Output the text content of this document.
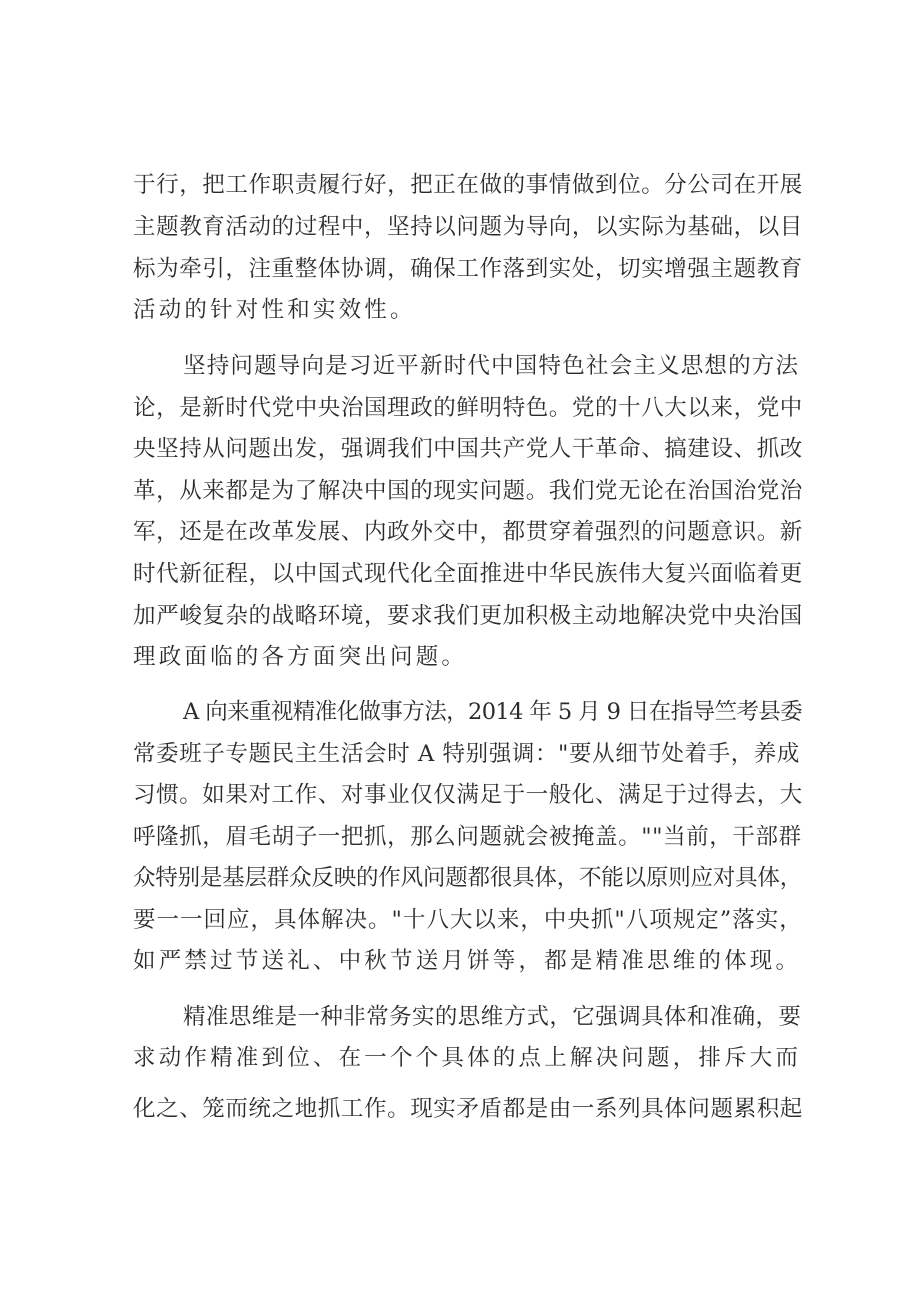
于行，把工作职责履行好，把正在做的事情做到位。分公司在开展
主题教育活动的过程中，坚持以问题为导向，以实际为基础，以目
标为牵引，注重整体协调，确保工作落到实处，切实增强主题教育
活动的针对性和实效性。
坚持问题导向是习近平新时代中国特色社会主义思想的方法
论，是新时代党中央治国理政的鲜明特色。党的十八大以来，党中
央坚持从问题出发，强调我们中国共产党人干革命、搞建设、抓改
革，从来都是为了解决中国的现实问题。我们党无论在治国治党治
军，还是在改革发展、内政外交中，都贯穿着强烈的问题意识。新
时代新征程，以中国式现代化全面推进中华民族伟大复兴面临着更
加严峻复杂的战略环境，要求我们更加积极主动地解决党中央治国
理政面临的各方面突出问题。
A 向来重视精准化做事方法，2014 年 5 月 9 日在指导竺考县委
常委班子专题民主生活会时 A 特别强调："要从细节处着手，养成
习惯。如果对工作、对事业仅仅满足于一般化、满足于过得去，大
呼隆抓，眉毛胡子一把抓，那么问题就会被掩盖。""当前，干部群
众特别是基层群众反映的作风问题都很具体，不能以原则应对具体，
要一一回应，具体解决。"十八大以来，中央抓"八项规定”落实，
如严禁过节送礼、中秋节送月饼等，都是精准思维的体现。
精准思维是一种非常务实的思维方式，它强调具体和准确，要
求动作精准到位、在一个个具体的点上解决问题，排斥大而
化之、笼而统之地抓工作。现实矛盾都是由一系列具体问题累积起
